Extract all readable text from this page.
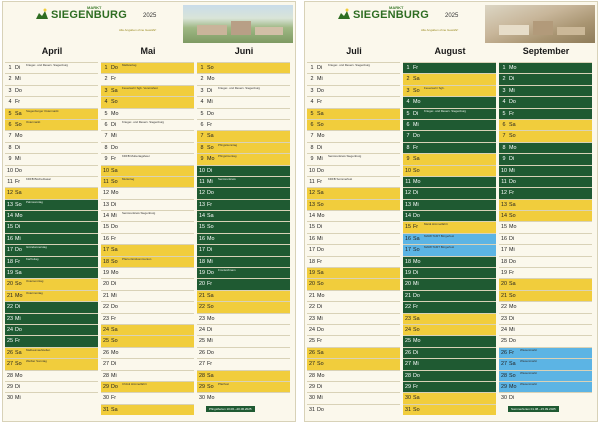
MARKT
SIEGENBURG	2025
Alle Angaben ohne Gewähr!
April	Mai	Juni
1 Di	Krieger- und Reserv. Siegenburg
2 Mi
3 Do
4 Fr
5 Sa	Siegenburger Ostermarkt
6 So	Ostermarkt
7 Mo
8 Di
9 Mi
10 Do
11 Fr	KDFB Bücherbasar
12 Sa
13 So	Palmsonntag
14 Mo
15 Di
16 Mi
17 Do	Gründonnerstag
18 Fr	Karfreitag
19 Sa
20 So	Ostersonntag
21 Mo	Ostermontag
22 Di
23 Mi
24 Do
25 Fr
26 Sa	Maibaumaufstellen
27 So	Weißer Sonntag
28 Mo
29 Di
30 Mi
1 Do	Maifeiertag
2 Fr
3 Sa	Feuerwehr Sgb. Vereinsfest
4 So
5 Mo
6 Di	Krieger- und Reserv. Siegenburg
7 Mi
8 Do
9 Fr	KDFB Muttertagsfeier
10 Sa
11 So	Muttertag
12 Mo
13 Di
14 Mi	Seniorenkreis Siegenburg
15 Do
16 Fr
17 Sa
18 So	Pfarrei Erstkommunion
19 Mo
20 Di
21 Mi
22 Do
23 Fr
24 Sa
25 So
26 Mo
27 Di
28 Mi
29 Do	Christi Himmelfahrt
30 Fr
31 Sa
1 So
2 Mo
3 Di	Krieger- und Reserv. Siegenburg
4 Mi
5 Do
6 Fr
7 Sa
8 So	Pfingstsonntag
9 Mo	Pfingstmontag
10 Di
11 Mi	Seniorenkreis
12 Do
13 Fr
14 Sa
15 So
16 Mo
17 Di
18 Mi
19 Do	Fronleichnam
20 Fr
21 Sa
22 So
23 Mo
24 Di
25 Mi
26 Do
27 Fr
28 Sa
29 So	Pfarrfest
30 Mo
Pfingstferien 10.06.–20.06.2025
MARKT
SIEGENBURG	2025
Alle Angaben ohne Gewähr!
Juli	August	September
1 Di	Krieger- und Reserv. Siegenburg
2 Mi
3 Do
4 Fr
5 Sa
6 So
7 Mo
8 Di
9 Mi	Seniorenkreis Siegenburg
10 Do
11 Fr	KDFB Sommerfest
12 Sa
13 So
14 Mo
15 Di
16 Mi
17 Do
18 Fr
19 Sa
20 So
21 Mo
22 Di
23 Mi
24 Do
25 Fr
26 Sa
27 So
28 Mo
29 Di
30 Mi
31 Do
1 Fr
2 Sa
3 So	Feuerwehr Sgb.
4 Mo
5 Di	Krieger- und Reserv. Siegenburg
6 Mi
7 Do
8 Fr
9 Sa
10 So
11 Mo
12 Di
13 Mi
14 Do
15 Fr	Mariä Himmelfahrt
16 Sa	MARKTAMT Bürgerfest
17 So	MARKTAMT Bürgerfest
18 Mo
19 Di
20 Mi
21 Do
22 Fr
23 Sa
24 So
25 Mo
26 Di
27 Mi
28 Do
29 Fr
30 Sa
31 So
1 Mo
2 Di
3 Mi
4 Do
5 Fr
6 Sa
7 So
8 Mo
9 Di
10 Mi
11 Do
12 Fr
13 Sa
14 So
15 Mo
16 Di
17 Mi
18 Do
19 Fr
20 Sa
21 So
22 Mo
23 Di
24 Mi
25 Do
26 Fr	Wiesenmarkt
27 Sa	Wiesenmarkt
28 So	Wiesenmarkt
29 Mo	Wiesenmarkt
30 Di
Sommerferien 01.08.–15.09.2025
